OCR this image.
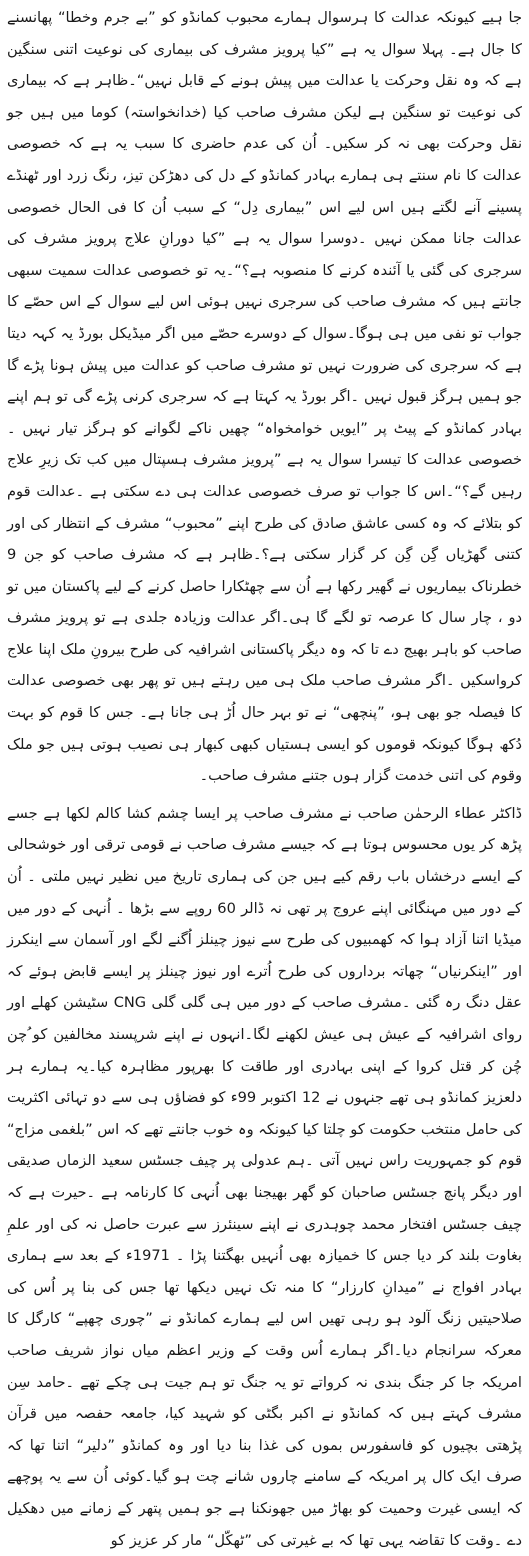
جا ہیے کیونکہ عدالت کا ہرسوال ہمارے محبوب کمانڈو کو ”بے جرم وخطا“ پھانسنے کا جال ہے۔ پہلا سوال یہ ہے ”کیا پرویز مشرف کی بیماری کی نوعیت اتنی سنگین ہے کہ وہ نقل وحرکت یا عدالت میں پیش ہونے کے قابل نہیں“۔ظاہر ہے کہ بیماری کی نوعیت تو سنگین ہے لیکن مشرف صاحب کیا (خدانخواستہ) کوما میں ہیں جو نقل وحرکت بھی نہ کر سکیں۔ اُن کی عدم حاضری کا سبب یہ ہے کہ خصوصی عدالت کا نام سنتے ہی ہمارے بہادر کمانڈو کے دل کی دھڑکن تیز، رنگ زرد اور ٹھنڈے پسینے آنے لگتے ہیں اس لیے اس ”بیماری دِل“ کے سبب اُن کا فی الحال خصوصی عدالت جانا ممکن نہیں ۔دوسرا سوال یہ ہے ”کیا دورانِ علاج پرویز مشرف کی سرجری کی گئی یا آئندہ کرنے کا منصوبہ ہے؟“۔یہ تو خصوصی عدالت سمیت سبھی جانتے ہیں کہ مشرف صاحب کی سرجری نہیں ہوئی اس لیے سوال کے اس حصّے کا جواب تو نفی میں ہی ہوگا۔سوال کے دوسرے حصّے میں اگر میڈیکل بورڈ یہ کہہ دیتا ہے کہ سرجری کی ضرورت نہیں تو مشرف صاحب کو عدالت میں پیش ہونا پڑے گا جو ہمیں ہرگز قبول نہیں ۔اگر بورڈ یہ کہتا ہے کہ سرجری کرنی پڑے گی تو ہم اپنے بہادر کمانڈو کے پیٹ پر ”ایویں خوامخواہ“ چھیں ناکے لگوانے کو ہرگز تیار نہیں ۔خصوصی عدالت کا تیسرا سوال یہ ہے ”پرویز مشرف ہسپتال میں کب تک زیرِ علاج رہیں گے؟“۔اس کا جواب تو صرف خصوصی عدالت ہی دے سکتی ہے ۔عدالت قوم کو بتلائے کہ وہ کسی عاشق صادق کی طرح اپنے ”محبوب“ مشرف کے انتظار کی اور کتنی گھڑیاں گِن گِن کر گزار سکتی ہے؟۔ظاہر ہے کہ مشرف صاحب کو جن 9 خطرناک بیماریوں نے گھیر رکھا ہے اُن سے چھٹکارا حاصل کرنے کے لیے پاکستان میں تو دو ، چار سال کا عرصہ تو لگے گا ہی۔اگر عدالت وزیادہ جلدی ہے تو پرویز مشرف صاحب کو باہر بھیج دے تا کہ وہ دیگر پاکستانی اشرافیہ کی طرح بیرونِ ملک اپنا علاج کرواسکیں ۔اگر مشرف صاحب ملک ہی میں رہتے ہیں تو پھر بھی خصوصی عدالت کا فیصلہ جو بھی ہو، ”پنچھی“ نے تو بہر حال اُڑ ہی جانا ہے۔ جس کا قوم کو بہت دُکھ ہوگا کیونکہ قوموں کو ایسی ہستیاں کبھی کبھار ہی نصیب ہوتی ہیں جو ملک وقوم کی اتنی خدمت گزار ہوں جتنے مشرف صاحب۔

ڈاکٹر عطاء الرحمٰن صاحب نے مشرف صاحب پر ایسا چشم کشا کالم لکھا ہے جسے پڑھ کر یوں محسوس ہوتا ہے کہ جیسے مشرف صاحب نے قومی ترقی اور خوشحالی کے ایسے درخشاں باب رقم کیے ہیں جن کی ہماری تاریخ میں نظیر نہیں ملتی ۔ اُن کے دور میں مہنگائی اپنے عروج پر تھی نہ ڈالر 60 روپے سے بڑھا ۔ اُنہی کے دور میں میڈیا اتنا آزاد ہوا کہ کھمبیوں کی طرح سے نیوز چینلز اُگنے لگے اور آسمان سے اینکرز اور ”اینکرنیاں“ چھاتہ برداروں کی طرح اُترے اور نیوز چینلز پر ایسے قابض ہوئے کہ عقل دنگ رہ گئی ۔مشرف صاحب کے دور میں ہی گلی گلی CNG سٹیشن کھلے اور روای اشرافیہ کے عیش ہی عیش لکھنے لگا۔انہوں نے اپنے شرپسند مخالفین کو ُچن چُن کر قتل کروا کے اپنی بہادری اور طاقت کا بھرپور مظاہرہ کیا۔یہ ہمارے ہر دلعزیز کمانڈو ہی تھے جنہوں نے 12 اکتوبر 99ء کو فضاؤں ہی سے دو تہائی اکثریت کی حامل منتخب حکومت کو چلتا کیا کیونکہ وہ خوب جانتے تھے کہ اس ”بلغمی مزاج“ قوم کو جمہوریت راس نہیں آتی ۔ہم عدولی پر چیف جسٹس سعید الزماں صدیقی اور دیگر پانچ جسٹس صاحبان کو گھر بھیجنا بھی اُنہی کا کارنامہ ہے ۔حیرت ہے کہ چیف جسٹس افتخار محمد چوہدری نے اپنے سینئرز سے عبرت حاصل نہ کی اور علمِ بغاوت بلند کر دیا جس کا خمیازہ بھی اُنہیں بھگتنا پڑا ۔ 1971ء کے بعد سے ہماری بہادر افواج نے ”میدانِ کارزار“ کا منہ تک نہیں دیکھا تھا جس کی بنا پر اُس کی صلاحیتیں زنگ آلود ہو رہی تھیں اس لیے ہمارے کمانڈو نے ”چوری چھپے“ کارگل کا معرکہ سرانجام دیا۔اگر ہمارے اُس وقت کے وزیر اعظم میاں نواز شریف صاحب امریکہ جا کر جنگ بندی نہ کرواتے تو یہ جنگ تو ہم جیت ہی چکے تھے ۔حامد سِن مشرف کہتے ہیں کہ کمانڈو نے اکبر بگٹی کو شہید کیا، جامعہ حفصہ میں قرآن پڑھتی بچیوں کو فاسفورس بموں کی غذا بنا دیا اور وہ کمانڈو ”دلیر“ اتنا تھا کہ صرف ایک کال پر امریکہ کے سامنے چاروں شانے چت ہو گیا۔کوئی اُن سے یہ پوچھے کہ ایسی غیرت وحمیت کو بھاڑ میں جھونکنا ہے جو ہمیں پتھر کے زمانے میں دھکیل دے ۔وقت کا تقاضہ یہی تھا کہ بے غیرتی کی ”ٹھکّل“ مار کر عزیز کو
